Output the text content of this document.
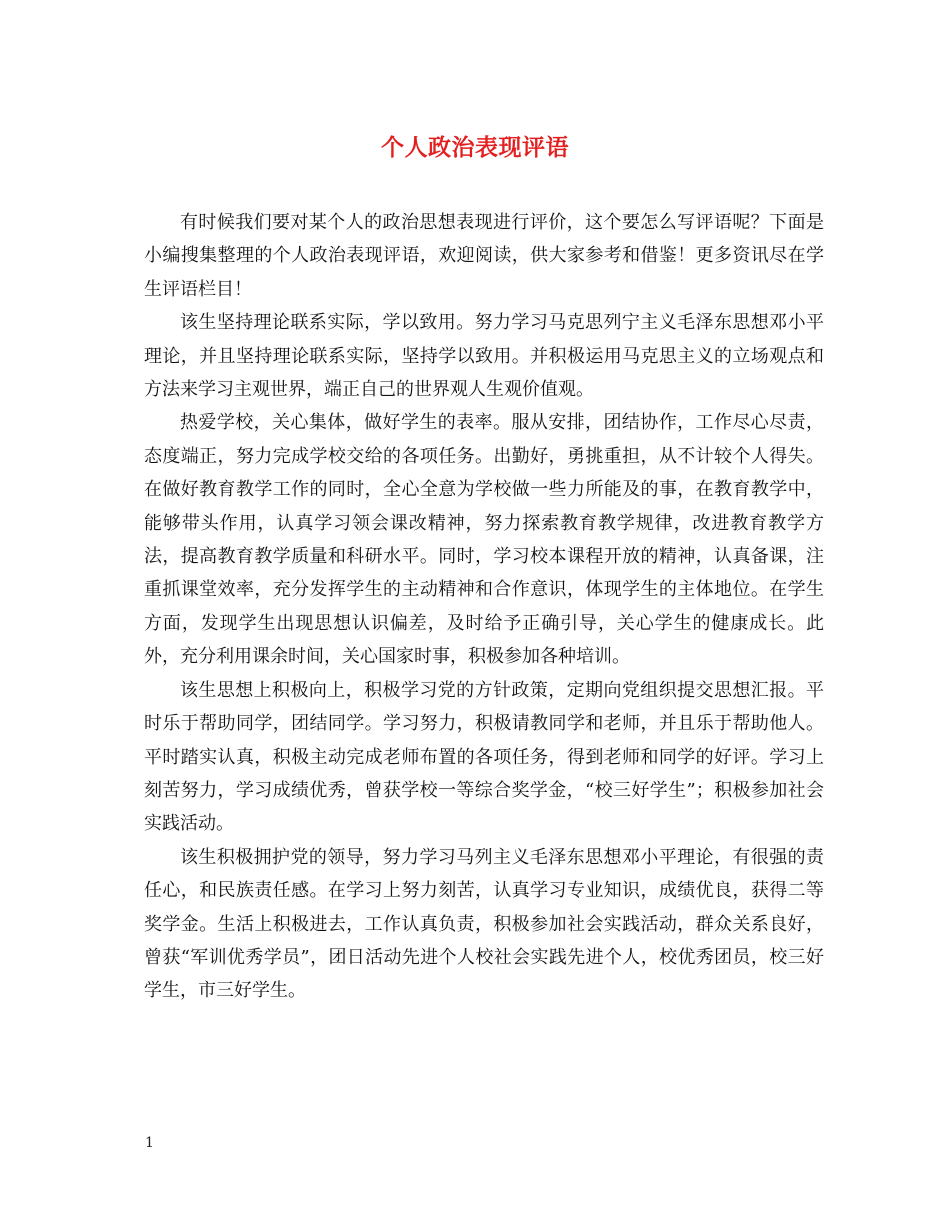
个人政治表现评语

有时候我们要对某个人的政治思想表现进行评价，这个要怎么写评语呢？下面是小编搜集整理的个人政治表现评语，欢迎阅读，供大家参考和借鉴！更多资讯尽在学生评语栏目！

该生坚持理论联系实际，学以致用。努力学习马克思列宁主义毛泽东思想邓小平理论，并且坚持理论联系实际，坚持学以致用。并积极运用马克思主义的立场观点和方法来学习主观世界，端正自己的世界观人生观价值观。

热爱学校，关心集体，做好学生的表率。服从安排，团结协作，工作尽心尽责，态度端正，努力完成学校交给的各项任务。出勤好，勇挑重担，从不计较个人得失。在做好教育教学工作的同时，全心全意为学校做一些力所能及的事，在教育教学中，能够带头作用，认真学习领会课改精神，努力探索教育教学规律，改进教育教学方法，提高教育教学质量和科研水平。同时，学习校本课程开放的精神，认真备课，注重抓课堂效率，充分发挥学生的主动精神和合作意识，体现学生的主体地位。在学生方面，发现学生出现思想认识偏差，及时给予正确引导，关心学生的健康成长。此外，充分利用课余时间，关心国家时事，积极参加各种培训。

该生思想上积极向上，积极学习党的方针政策，定期向党组织提交思想汇报。平时乐于帮助同学，团结同学。学习努力，积极请教同学和老师，并且乐于帮助他人。平时踏实认真，积极主动完成老师布置的各项任务，得到老师和同学的好评。学习上刻苦努力，学习成绩优秀，曾获学校一等综合奖学金，“校三好学生”；积极参加社会实践活动。

该生积极拥护党的领导，努力学习马列主义毛泽东思想邓小平理论，有很强的责任心，和民族责任感。在学习上努力刻苦，认真学习专业知识，成绩优良，获得二等奖学金。生活上积极进去，工作认真负责，积极参加社会实践活动，群众关系良好，曾获“军训优秀学员”，团日活动先进个人校社会实践先进个人，校优秀团员，校三好学生，市三好学生。

1
